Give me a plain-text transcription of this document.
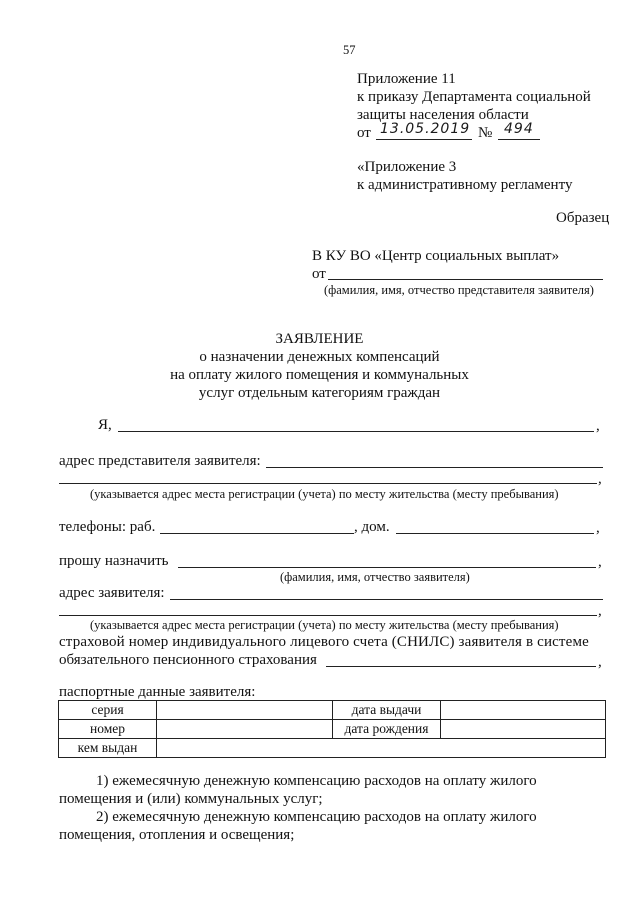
57
Приложение 11
к приказу Департамента социальной
защиты населения области
от 13.05.2019 № 494
«Приложение 3
к административному регламенту
Образец
В КУ ВО «Центр социальных выплат»
от
(фамилия, имя, отчество представителя заявителя)
ЗАЯВЛЕНИЕ
о назначении денежных компенсаций
на оплату жилого помещения и коммунальных
услуг отдельным категориям граждан
Я,	,
адрес представителя заявителя:
,
(указывается адрес места регистрации (учета) по месту жительства (месту пребывания)
телефоны: раб.	, дом.	,
прошу назначить	,
(фамилия, имя, отчество заявителя)
адрес заявителя:
,
(указывается адрес места регистрации (учета) по месту жительства (месту пребывания)
страховой номер индивидуального лицевого счета (СНИЛС) заявителя в системе
обязательного пенсионного страхования	,
паспортные данные заявителя:
серия		дата выдачи	
номер		дата рождения	
кем выдан			
1) ежемесячную денежную компенсацию расходов на оплату жилого
помещения и (или) коммунальных услуг;
2) ежемесячную денежную компенсацию расходов на оплату жилого
помещения, отопления и освещения;
